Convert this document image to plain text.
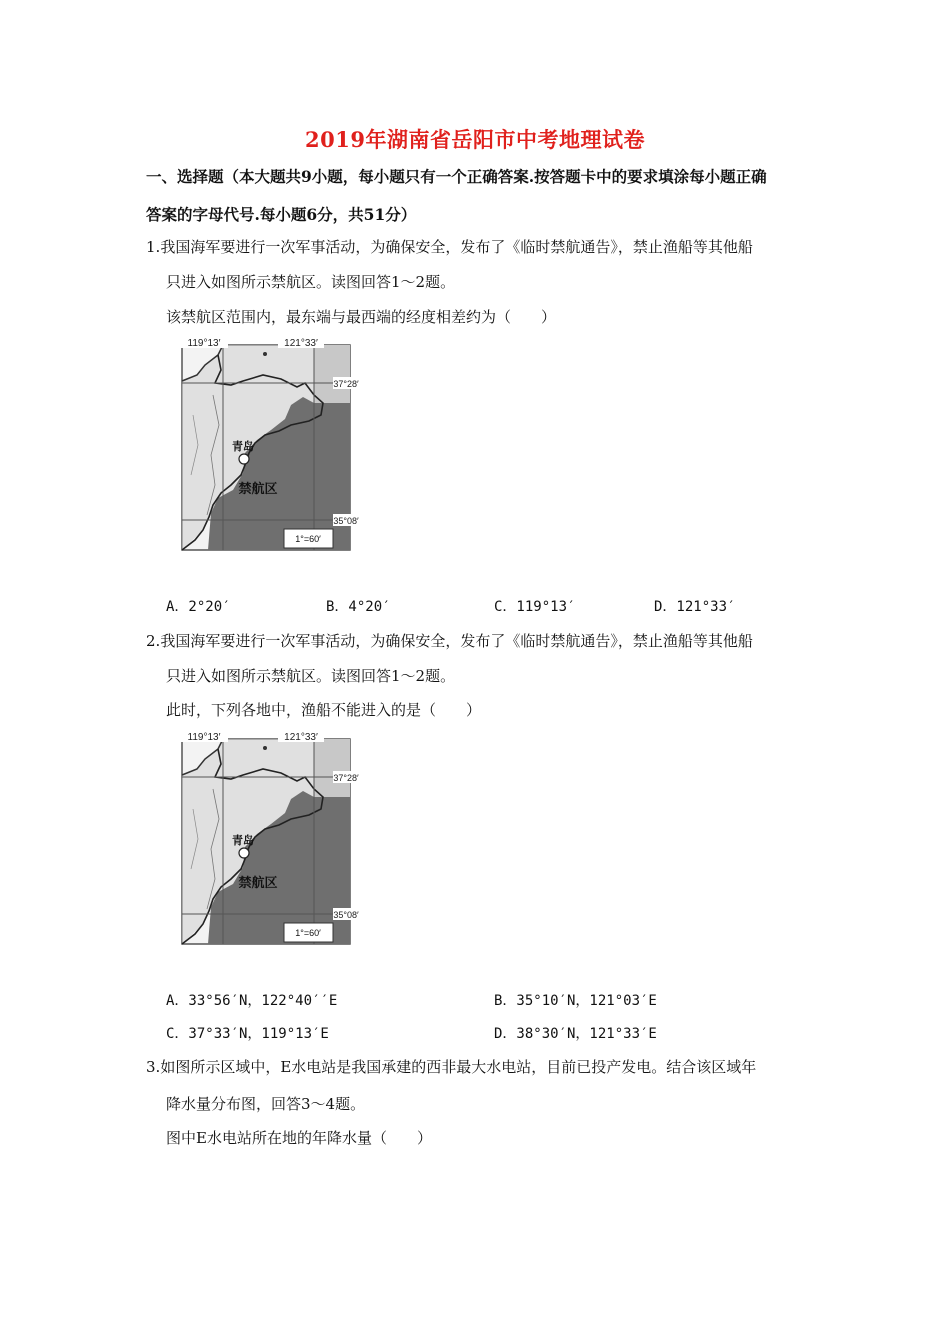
2019年湖南省岳阳市中考地理试卷
一、选择题（本大题共9小题，每小题只有一个正确答案.按答题卡中的要求填涂每小题正确
答案的字母代号.每小题6分，共51分）
1.我国海军要进行一次军事活动，为确保安全，发布了《临时禁航通告》，禁止渔船等其他船
只进入如图所示禁航区。读图回答1～2题。
该禁航区范围内，最东端与最西端的经度相差约为（　　）
119°13′	121°33′
37°28′
35°08′
青岛
禁航区
1°=60′
A．2°20′	B．4°20′	C．119°13′	D．121°33′
2.我国海军要进行一次军事活动，为确保安全，发布了《临时禁航通告》，禁止渔船等其他船
只进入如图所示禁航区。读图回答1～2题。
此时，下列各地中，渔船不能进入的是（　　）
119°13′	121°33′
37°28′
35°08′
青岛
禁航区
1°=60′
A．33°56′N，122°40′′E	B．35°10′N，121°03′E
C．37°33′N，119°13′E	D．38°30′N，121°33′E
3.如图所示区域中，E水电站是我国承建的西非最大水电站，目前已投产发电。结合该区域年
降水量分布图，回答3～4题。
图中E水电站所在地的年降水量（　　）
